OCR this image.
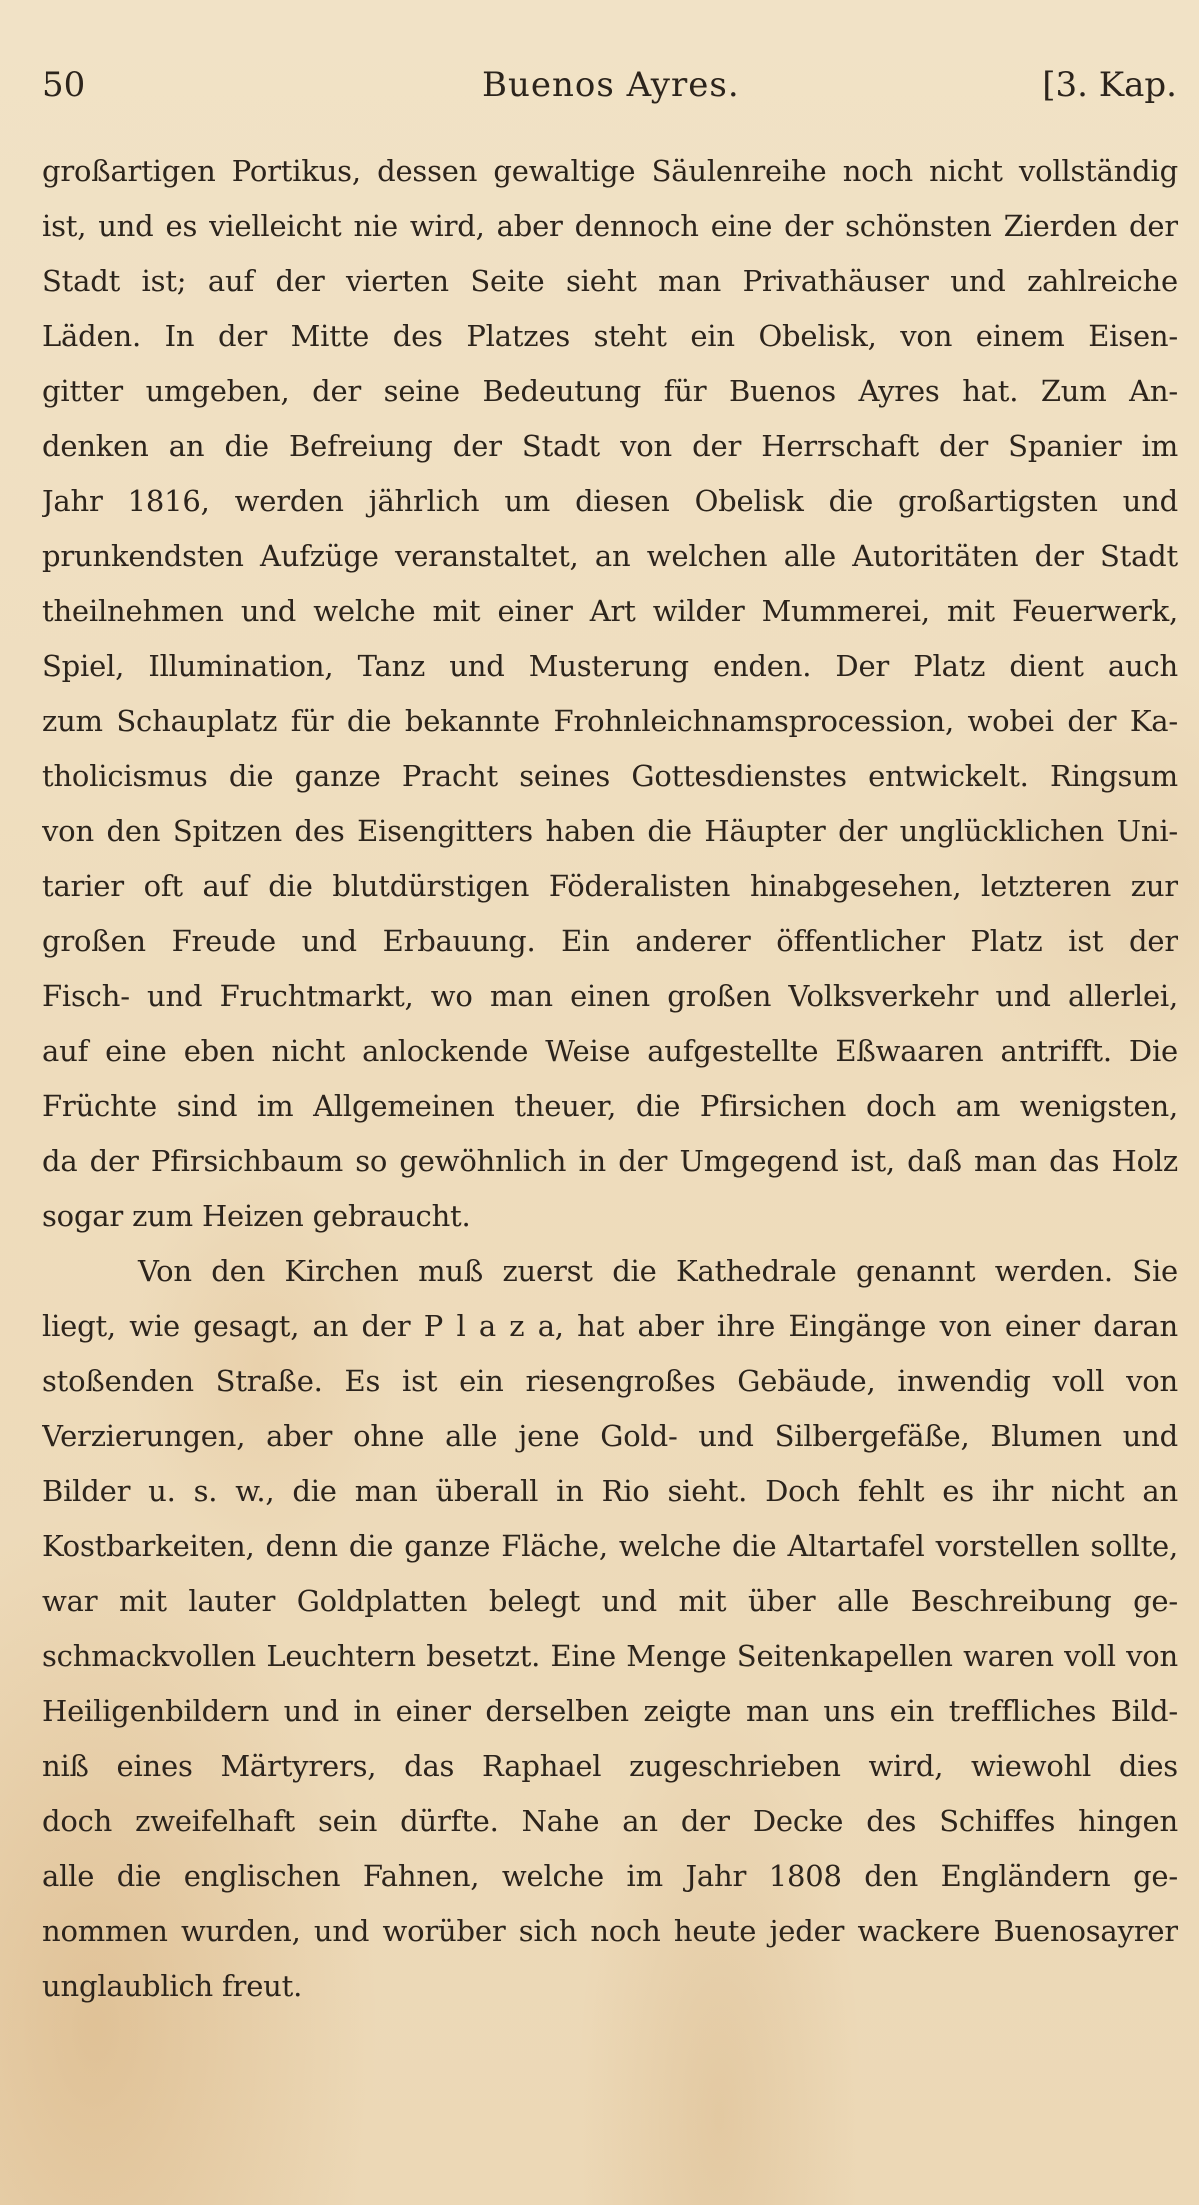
50	Buenos Ayres.	[3. Kap.
großartigen Portikus, dessen gewaltige Säulenreihe noch nicht vollständig
ist, und es vielleicht nie wird, aber dennoch eine der schönsten Zierden der
Stadt ist; auf der vierten Seite sieht man Privathäuser und zahlreiche
Läden. In der Mitte des Platzes steht ein Obelisk, von einem Eisen-
gitter umgeben, der seine Bedeutung für Buenos Ayres hat. Zum An-
denken an die Befreiung der Stadt von der Herrschaft der Spanier im
Jahr 1816, werden jährlich um diesen Obelisk die großartigsten und
prunkendsten Aufzüge veranstaltet, an welchen alle Autoritäten der Stadt
theilnehmen und welche mit einer Art wilder Mummerei, mit Feuerwerk,
Spiel, Illumination, Tanz und Musterung enden. Der Platz dient auch
zum Schauplatz für die bekannte Frohnleichnamsprocession, wobei der Ka-
tholicismus die ganze Pracht seines Gottesdienstes entwickelt. Ringsum
von den Spitzen des Eisengitters haben die Häupter der unglücklichen Uni-
tarier oft auf die blutdürstigen Föderalisten hinabgesehen, letzteren zur
großen Freude und Erbauung. Ein anderer öffentlicher Platz ist der
Fisch- und Fruchtmarkt, wo man einen großen Volksverkehr und allerlei,
auf eine eben nicht anlockende Weise aufgestellte Eßwaaren antrifft. Die
Früchte sind im Allgemeinen theuer, die Pfirsichen doch am wenigsten,
da der Pfirsichbaum so gewöhnlich in der Umgegend ist, daß man das Holz
sogar zum Heizen gebraucht.
Von den Kirchen muß zuerst die Kathedrale genannt werden. Sie
liegt, wie gesagt, an der P l a z a, hat aber ihre Eingänge von einer daran
stoßenden Straße. Es ist ein riesengroßes Gebäude, inwendig voll von
Verzierungen, aber ohne alle jene Gold- und Silbergefäße, Blumen und
Bilder u. s. w., die man überall in Rio sieht. Doch fehlt es ihr nicht an
Kostbarkeiten, denn die ganze Fläche, welche die Altartafel vorstellen sollte,
war mit lauter Goldplatten belegt und mit über alle Beschreibung ge-
schmackvollen Leuchtern besetzt. Eine Menge Seitenkapellen waren voll von
Heiligenbildern und in einer derselben zeigte man uns ein treffliches Bild-
niß eines Märtyrers, das Raphael zugeschrieben wird, wiewohl dies
doch zweifelhaft sein dürfte. Nahe an der Decke des Schiffes hingen
alle die englischen Fahnen, welche im Jahr 1808 den Engländern ge-
nommen wurden, und worüber sich noch heute jeder wackere Buenosayrer
unglaublich freut.
